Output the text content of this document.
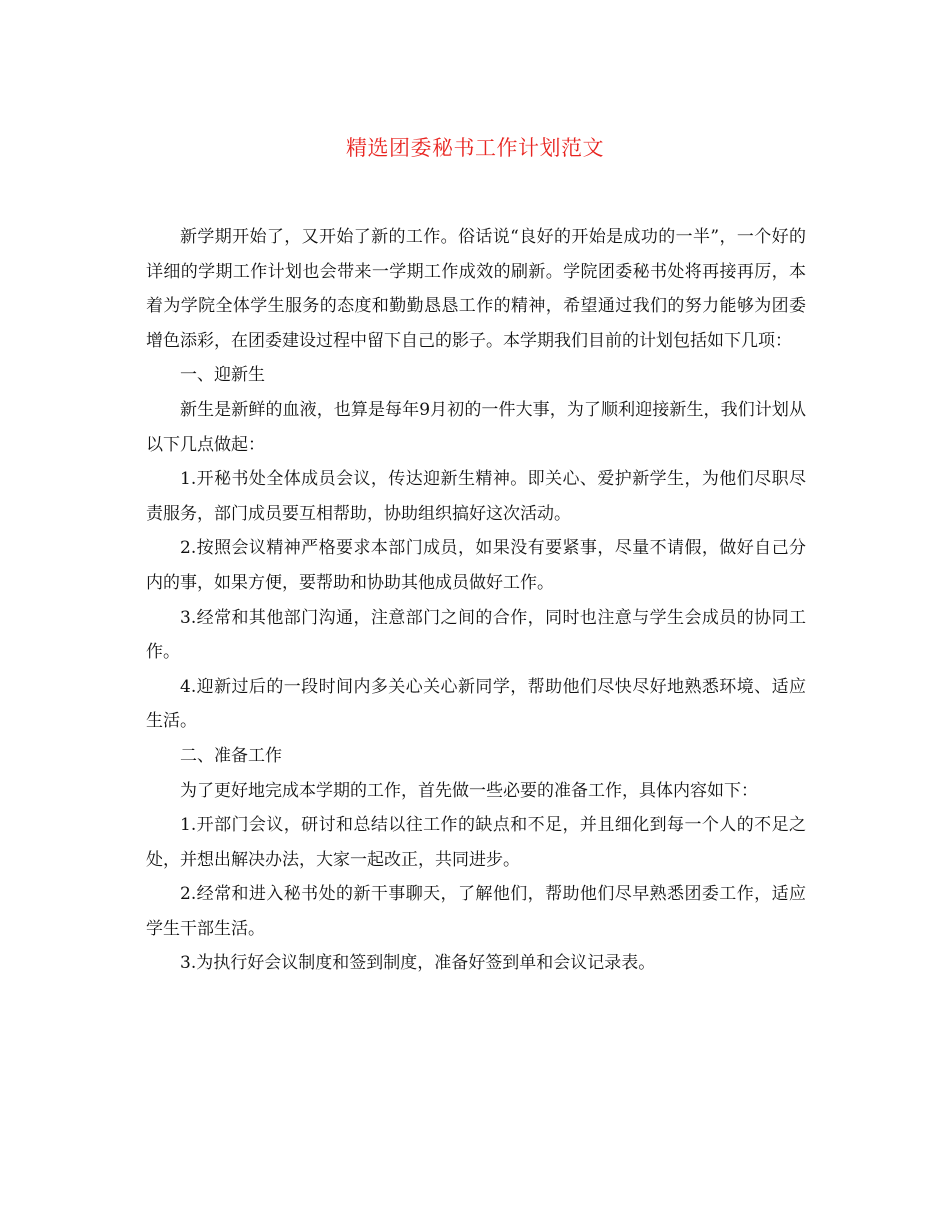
精选团委秘书工作计划范文

新学期开始了，又开始了新的工作。俗话说“良好的开始是成功的一半”，一个好的详细的学期工作计划也会带来一学期工作成效的刷新。学院团委秘书处将再接再厉，本着为学院全体学生服务的态度和勤勤恳恳工作的精神，希望通过我们的努力能够为团委增色添彩，在团委建设过程中留下自己的影子。本学期我们目前的计划包括如下几项：

一、迎新生

新生是新鲜的血液，也算是每年9月初的一件大事，为了顺利迎接新生，我们计划从以下几点做起：

1.开秘书处全体成员会议，传达迎新生精神。即关心、爱护新学生，为他们尽职尽责服务，部门成员要互相帮助，协助组织搞好这次活动。

2.按照会议精神严格要求本部门成员，如果没有要紧事，尽量不请假，做好自己分内的事，如果方便，要帮助和协助其他成员做好工作。

3.经常和其他部门沟通，注意部门之间的合作，同时也注意与学生会成员的协同工作。

4.迎新过后的一段时间内多关心关心新同学，帮助他们尽快尽好地熟悉环境、适应生活。

二、准备工作

为了更好地完成本学期的工作，首先做一些必要的准备工作，具体内容如下：

1.开部门会议，研讨和总结以往工作的缺点和不足，并且细化到每一个人的不足之处，并想出解决办法，大家一起改正，共同进步。

2.经常和进入秘书处的新干事聊天，了解他们，帮助他们尽早熟悉团委工作，适应学生干部生活。

3.为执行好会议制度和签到制度，准备好签到单和会议记录表。
